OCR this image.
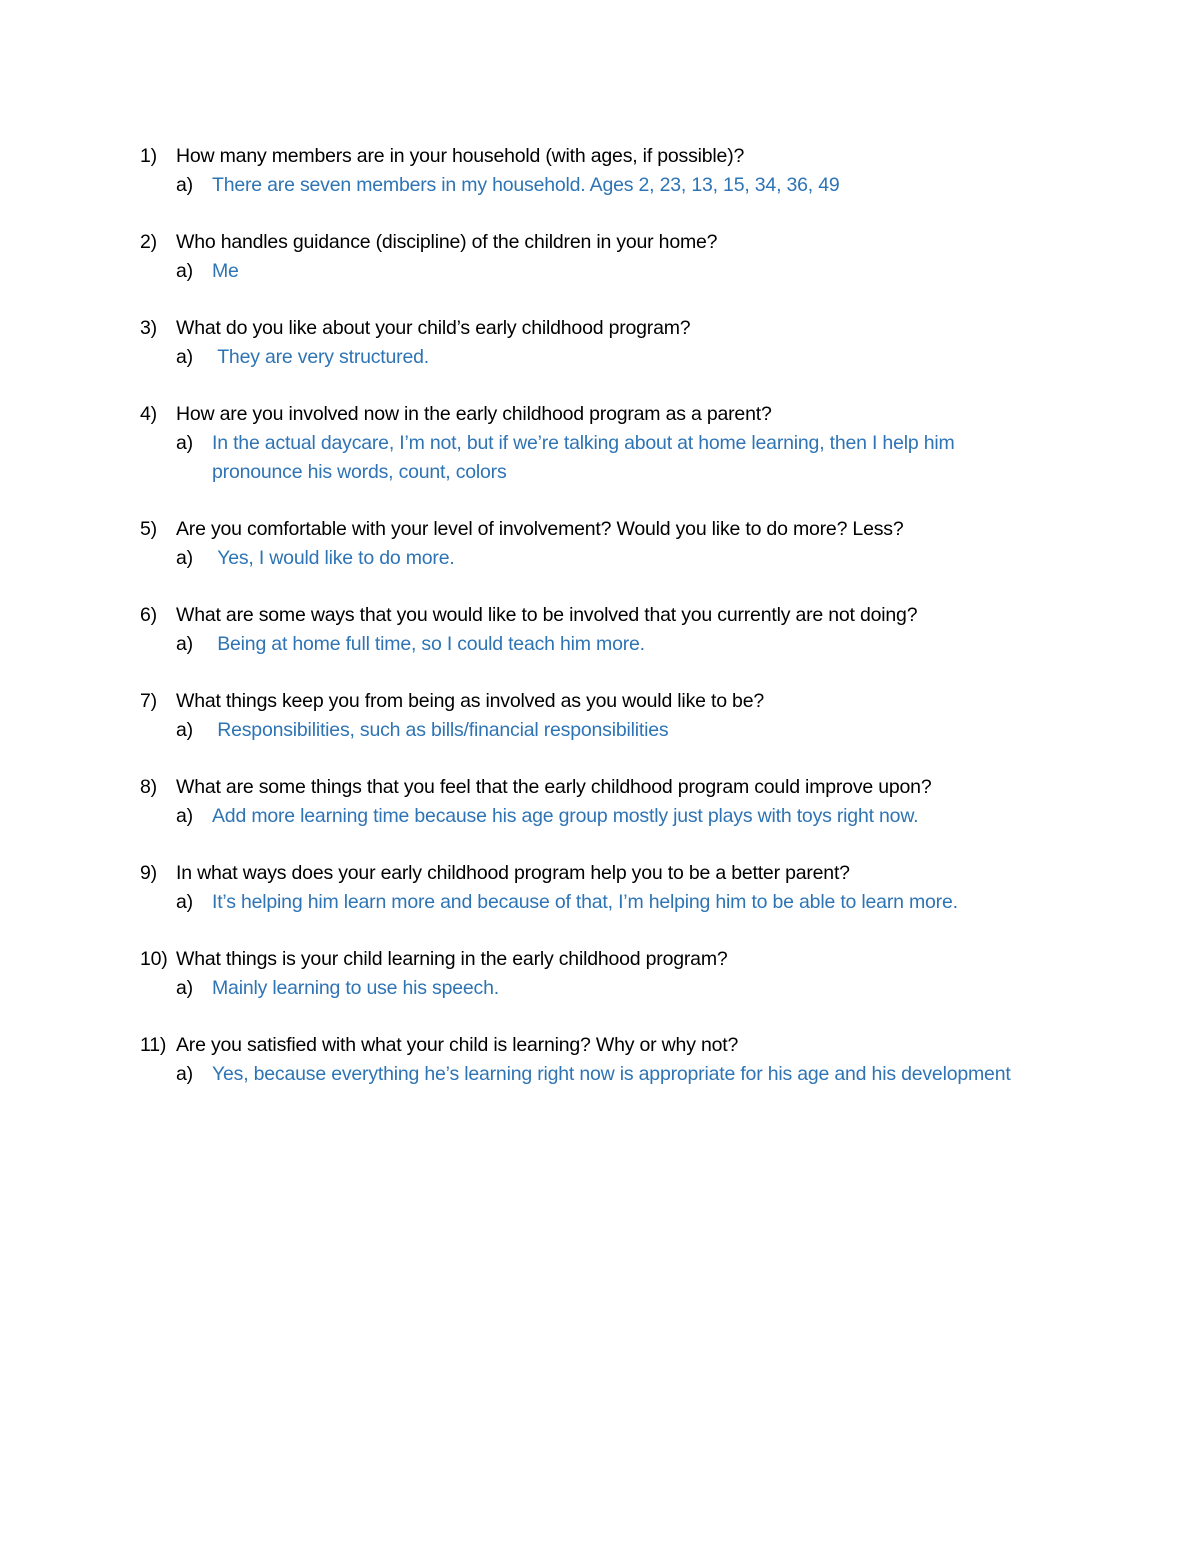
1) How many members are in your household (with ages, if possible)?
a) There are seven members in my household. Ages 2, 23, 13, 15, 34, 36, 49
2) Who handles guidance (discipline) of the children in your home?
a) Me
3) What do you like about your child’s early childhood program?
a) They are very structured.
4) How are you involved now in the early childhood program as a parent?
a) In the actual daycare, I’m not, but if we’re talking about at home learning, then I help him pronounce his words, count, colors
5) Are you comfortable with your level of involvement? Would you like to do more? Less?
a) Yes, I would like to do more.
6) What are some ways that you would like to be involved that you currently are not doing?
a) Being at home full time, so I could teach him more.
7) What things keep you from being as involved as you would like to be?
a) Responsibilities, such as bills/financial responsibilities
8) What are some things that you feel that the early childhood program could improve upon?
a) Add more learning time because his age group mostly just plays with toys right now.
9) In what ways does your early childhood program help you to be a better parent?
a) It’s helping him learn more and because of that, I’m helping him to be able to learn more.
10) What things is your child learning in the early childhood program?
a) Mainly learning to use his speech.
11) Are you satisfied with what your child is learning? Why or why not?
a) Yes, because everything he’s learning right now is appropriate for his age and his development
